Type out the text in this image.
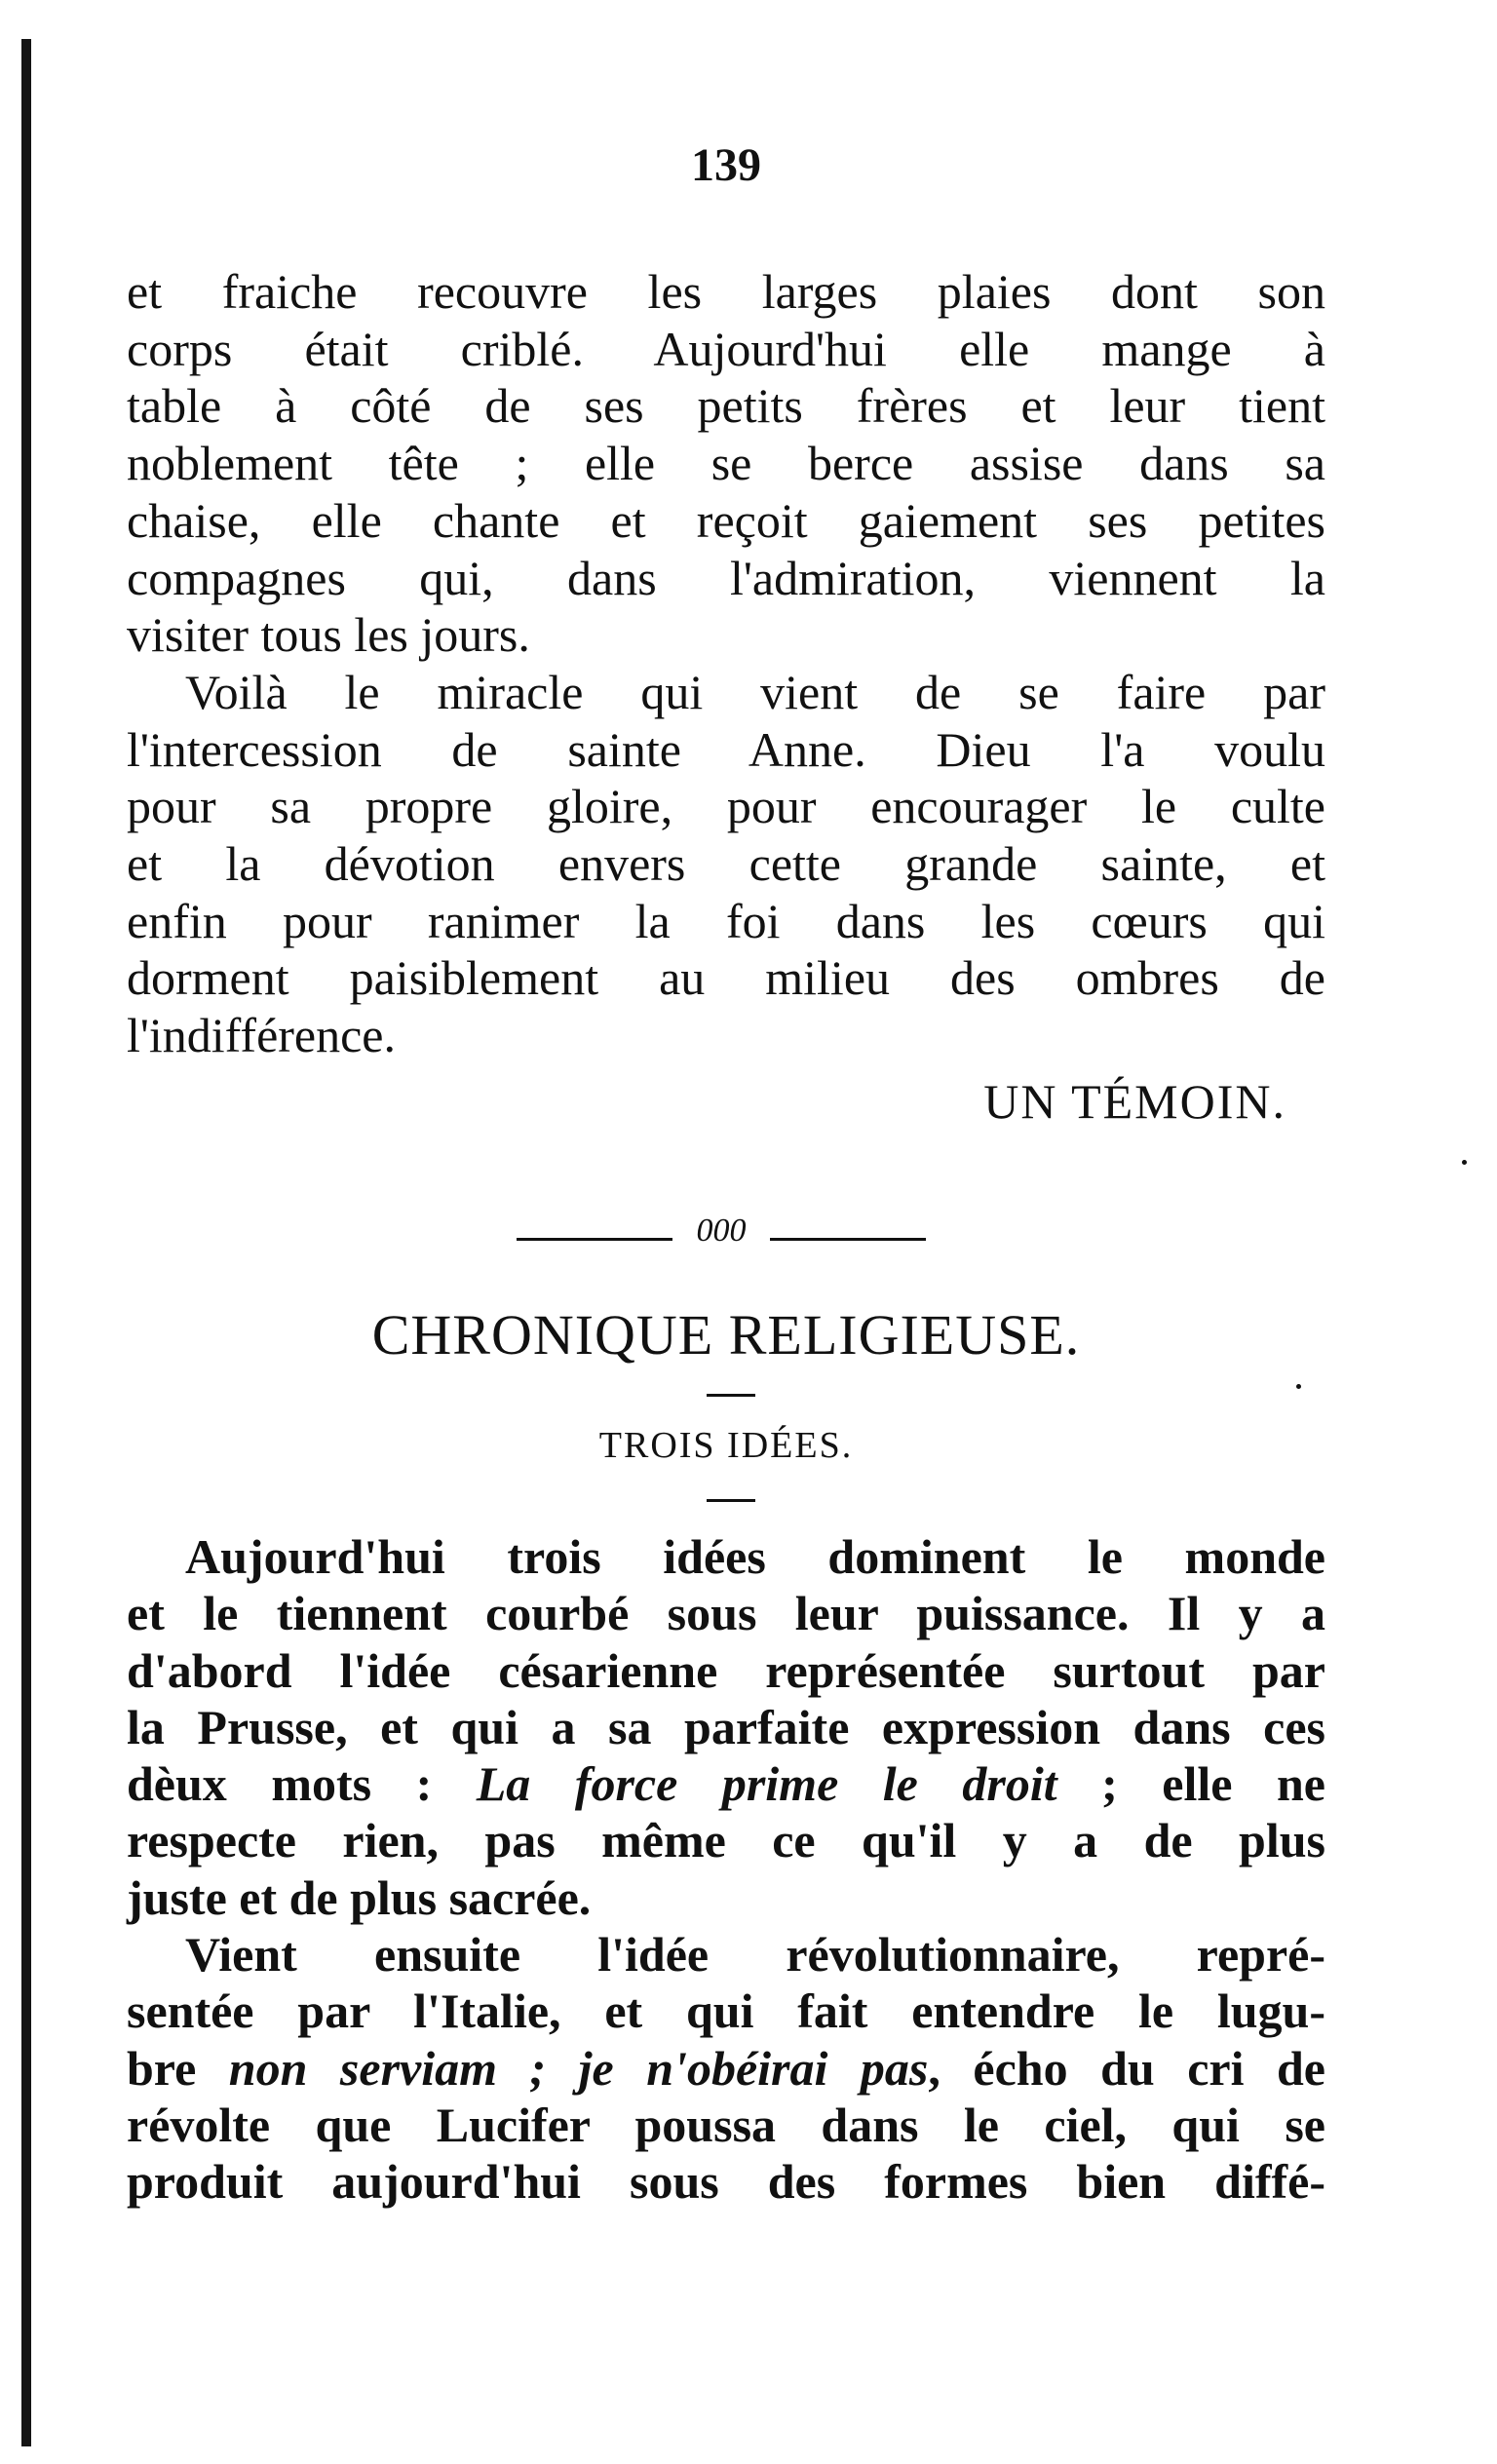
139
et fraiche recouvre les larges plaies dont son
corps était criblé. Aujourd'hui elle mange à
table à côté de ses petits frères et leur tient
noblement tête ; elle se berce assise dans sa
chaise, elle chante et reçoit gaiement ses petites
compagnes qui, dans l'admiration, viennent la
visiter tous les jours.
Voilà le miracle qui vient de se faire par
l'intercession de sainte Anne. Dieu l'a voulu
pour sa propre gloire, pour encourager le culte
et la dévotion envers cette grande sainte, et
enfin pour ranimer la foi dans les cœurs qui
dorment paisiblement au milieu des ombres de
l'indifférence.
UN TÉMOIN.
000
CHRONIQUE RELIGIEUSE.
TROIS IDÉES.
Aujourd'hui trois idées dominent le monde
et le tiennent courbé sous leur puissance. Il y a
d'abord l'idée césarienne représentée surtout par
la Prusse, et qui a sa parfaite expression dans ces
dèux mots : La force prime le droit ; elle ne
respecte rien, pas même ce qu'il y a de plus
juste et de plus sacrée.
Vient ensuite l'idée révolutionnaire, repré-
sentée par l'Italie, et qui fait entendre le lugu-
bre non serviam ; je n'obéirai pas, écho du cri de
révolte que Lucifer poussa dans le ciel, qui se
produit aujourd'hui sous des formes bien diffé-
